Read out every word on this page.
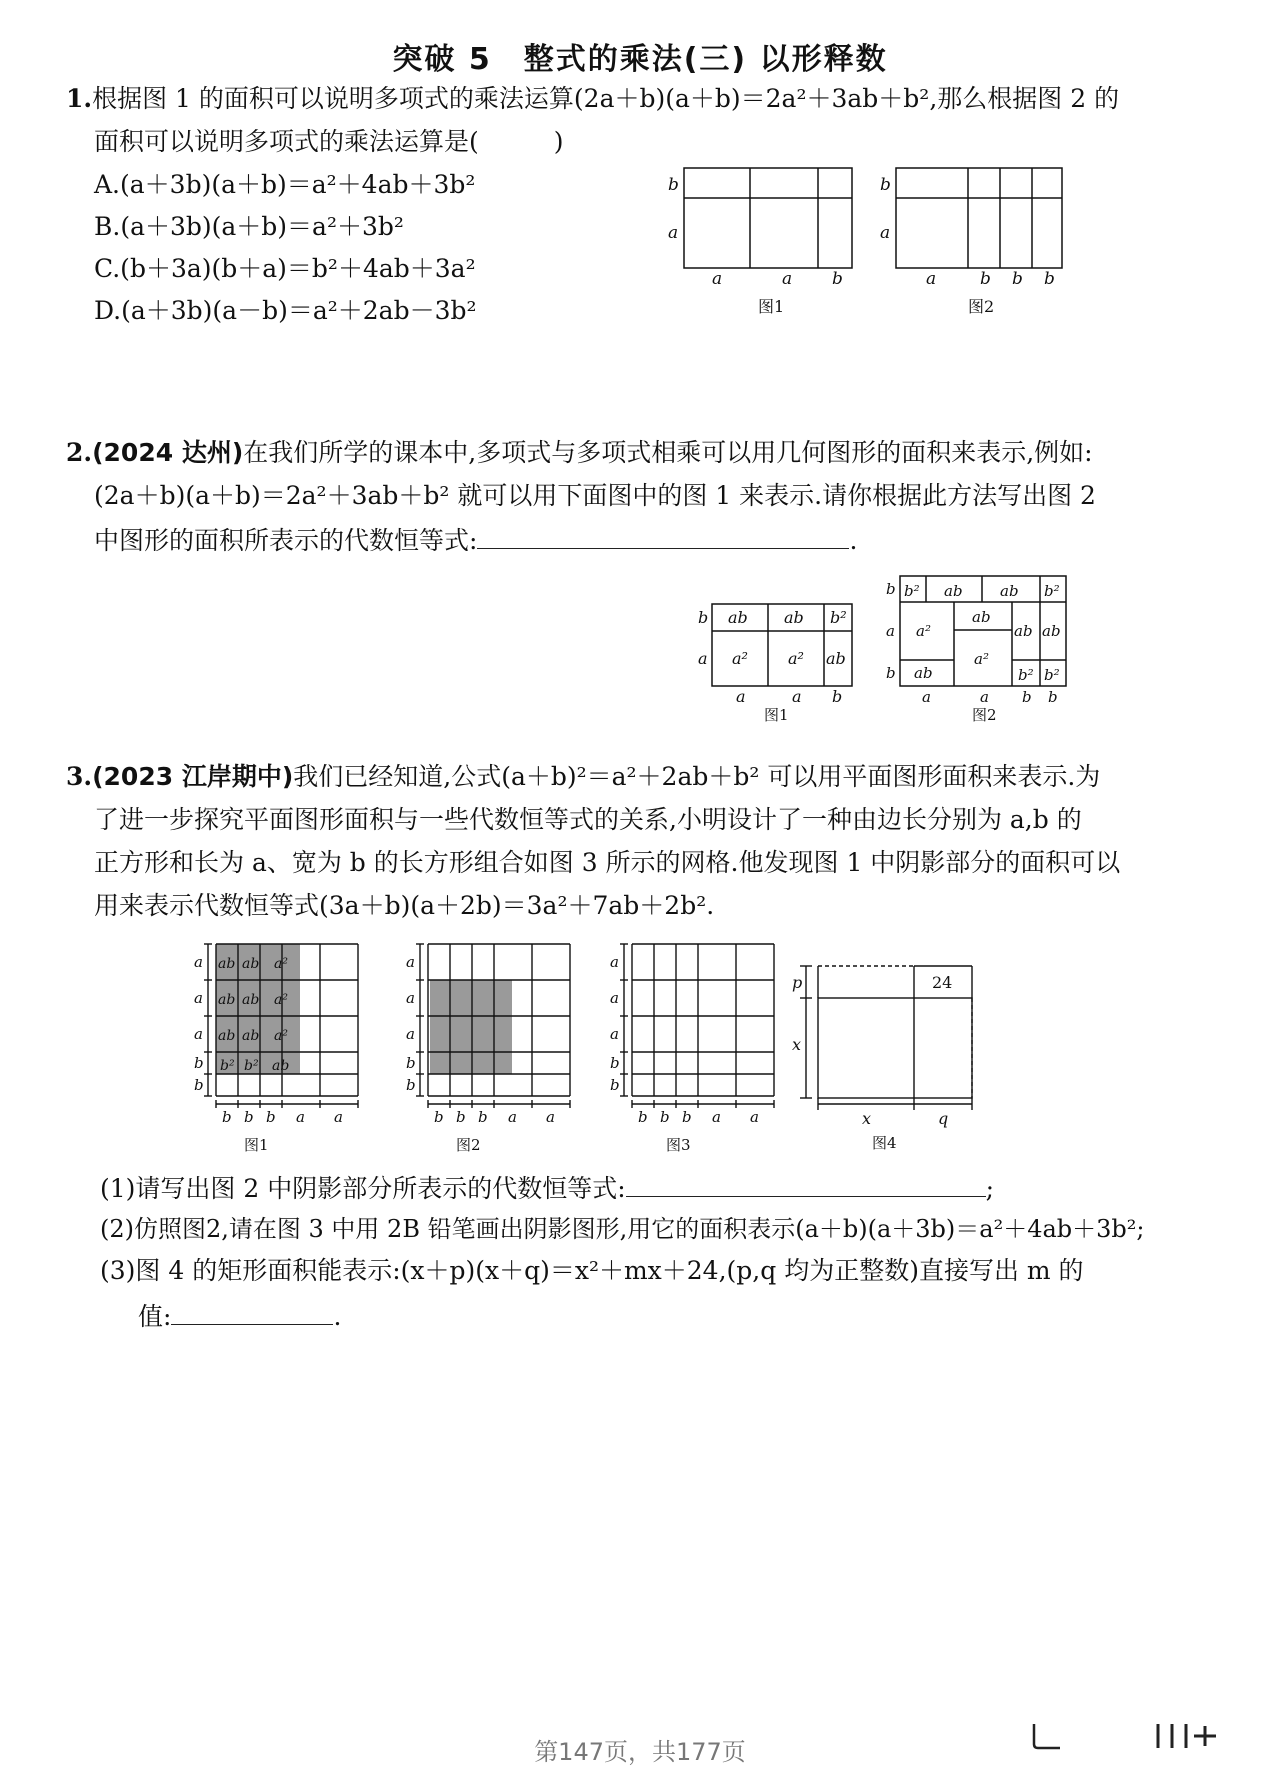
突破 5　整式的乘法(三) 以形释数
1.根据图 1 的面积可以说明多项式的乘法运算(2a＋b)(a＋b)＝2a²＋3ab＋b²,那么根据图 2 的
面积可以说明多项式的乘法运算是(　　　)
A.(a＋3b)(a＋b)＝a²＋4ab＋3b²
B.(a＋3b)(a＋b)＝a²＋3b²
C.(b＋3a)(b＋a)＝b²＋4ab＋3a²
D.(a＋3b)(a－b)＝a²＋2ab－3b²
b
a
a	a b
图1
b
a
a	b b b
图2
2.(2024 达州)在我们所学的课本中,多项式与多项式相乘可以用几何图形的面积来表示,例如:
(2a＋b)(a＋b)＝2a²＋3ab＋b² 就可以用下面图中的图 1 来表示.请你根据此方法写出图 2
中图形的面积所表示的代数恒等式:	.
b
a
ab ab b²
a²	a² ab
a	a b
图1
b
a
b
b² ab ab b²
a²
ab
ab ab
a²
ab	b² b²
a	a b b
图2
3.(2023 江岸期中)我们已经知道,公式(a＋b)²＝a²＋2ab＋b² 可以用平面图形面积来表示.为
了进一步探究平面图形面积与一些代数恒等式的关系,小明设计了一种由边长分别为 a,b 的
正方形和长为 a、宽为 b 的长方形组合如图 3 所示的网格.他发现图 1 中阴影部分的面积可以
用来表示代数恒等式(3a＋b)(a＋2b)＝3a²＋7ab＋2b².
a
a
a
b
b
b b b a a
a
a
a
b
b
b b b a a
a
a
a
b
b
b b b a a
ab ab a²
ab ab a²
ab ab a²
b² b² ab
图1	图2	图3
p
x
x	q
24
图4
(1)请写出图 2 中阴影部分所表示的代数恒等式:	;
(2)仿照图2,请在图 3 中用 2B 铅笔画出阴影图形,用它的面积表示(a＋b)(a＋3b)＝a²＋4ab＋3b²;
(3)图 4 的矩形面积能表示:(x＋p)(x＋q)＝x²＋mx＋24,(p,q 均为正整数)直接写出 m 的
值:	.
第147页，共177页
